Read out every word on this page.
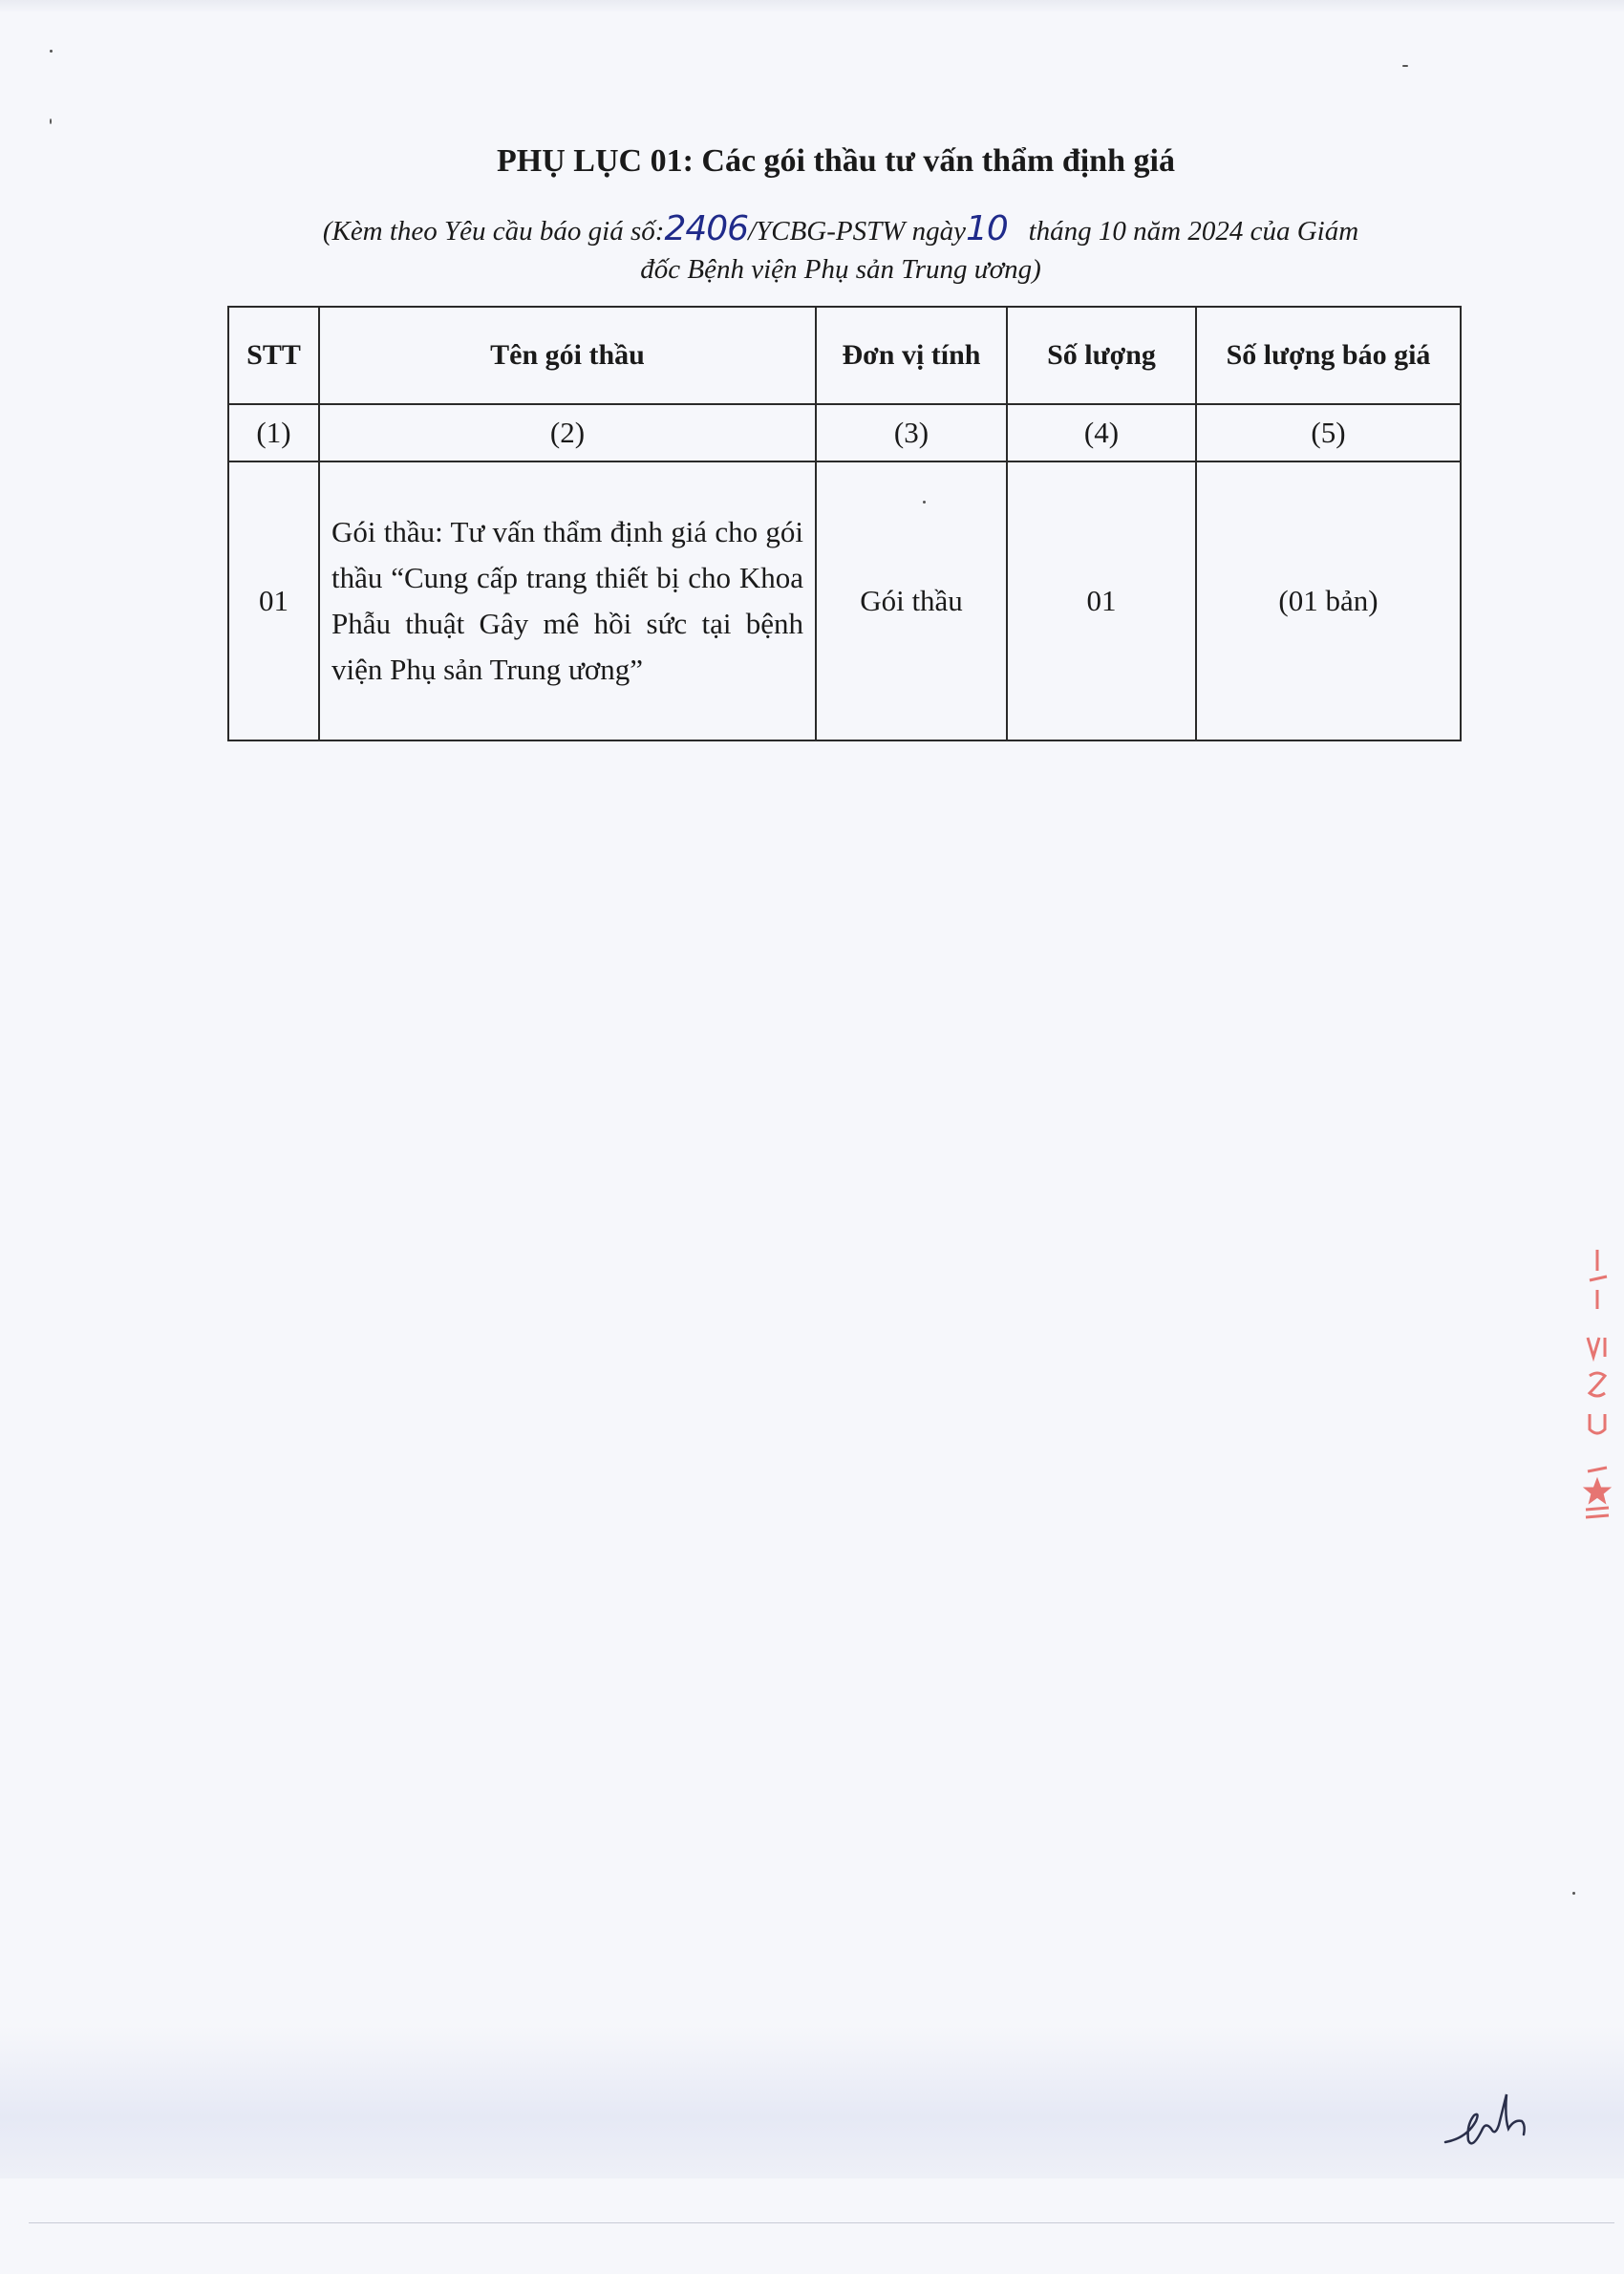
PHỤ LỤC 01: Các gói thầu tư vấn thẩm định giá
(Kèm theo Yêu cầu báo giá số:2406/YCBG-PSTW ngày10 tháng 10 năm 2024 của Giám
đốc Bệnh viện Phụ sản Trung ương)
STT	Tên gói thầu	Đơn vị tính	Số lượng	Số lượng báo giá
(1)	(2)	(3)	(4)	(5)
01	Gói thầu: Tư vấn thẩm định giá cho gói thầu “Cung cấp trang thiết bị cho Khoa Phẫu thuật Gây mê hồi sức tại bệnh viện Phụ sản Trung ương”	Gói thầu	01	(01 bản)
